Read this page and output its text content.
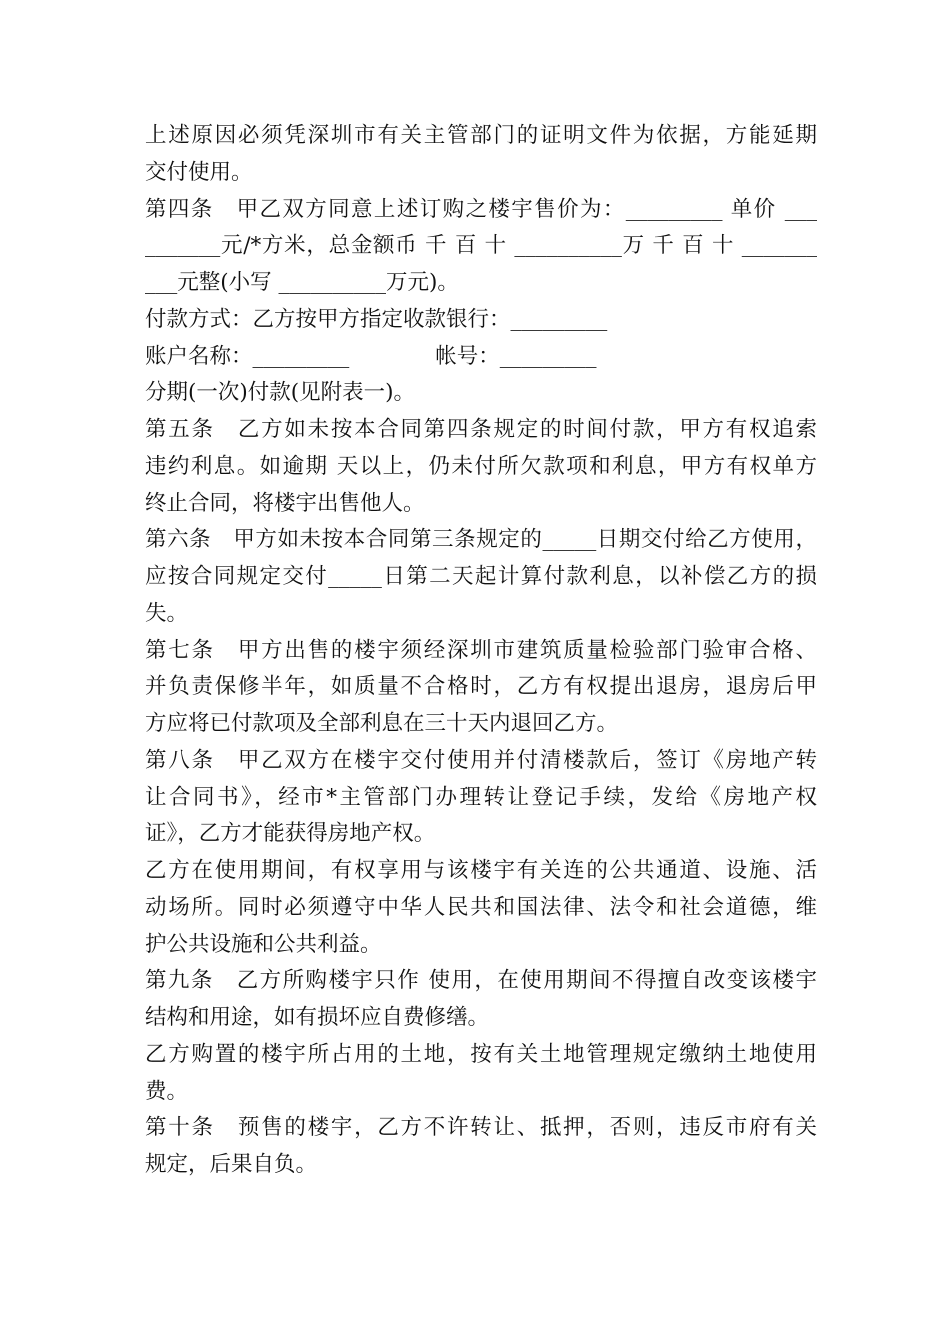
上述原因必须凭深圳市有关主管部门的证明文件为依据，方能延期
交付使用。
第四条　甲乙双方同意上述订购之楼宇售价为：_________ 单价 ___
_______元/*方米，总金额币 千 百 十 __________万 千 百 十 _______
___元整(小写 __________万元)。
付款方式：乙方按甲方指定收款银行：_________
账户名称：_________　　　　帐号：_________
分期(一次)付款(见附表一)。
第五条　乙方如未按本合同第四条规定的时间付款，甲方有权追索
违约利息。如逾期 天以上，仍未付所欠款项和利息，甲方有权单方
终止合同，将楼宇出售他人。
第六条　甲方如未按本合同第三条规定的_____日期交付给乙方使用，
应按合同规定交付_____日第二天起计算付款利息，以补偿乙方的损
失。
第七条　甲方出售的楼宇须经深圳市建筑质量检验部门验审合格、
并负责保修半年，如质量不合格时，乙方有权提出退房，退房后甲
方应将已付款项及全部利息在三十天内退回乙方。
第八条　甲乙双方在楼宇交付使用并付清楼款后，签订《房地产转
让合同书》，经市*主管部门办理转让登记手续，发给《房地产权
证》，乙方才能获得房地产权。
乙方在使用期间，有权享用与该楼宇有关连的公共通道、设施、活
动场所。同时必须遵守中华人民共和国法律、法令和社会道德，维
护公共设施和公共利益。
第九条　乙方所购楼宇只作 使用，在使用期间不得擅自改变该楼宇
结构和用途，如有损坏应自费修缮。
乙方购置的楼宇所占用的土地，按有关土地管理规定缴纳土地使用
费。
第十条　预售的楼宇，乙方不许转让、抵押，否则，违反市府有关
规定，后果自负。
